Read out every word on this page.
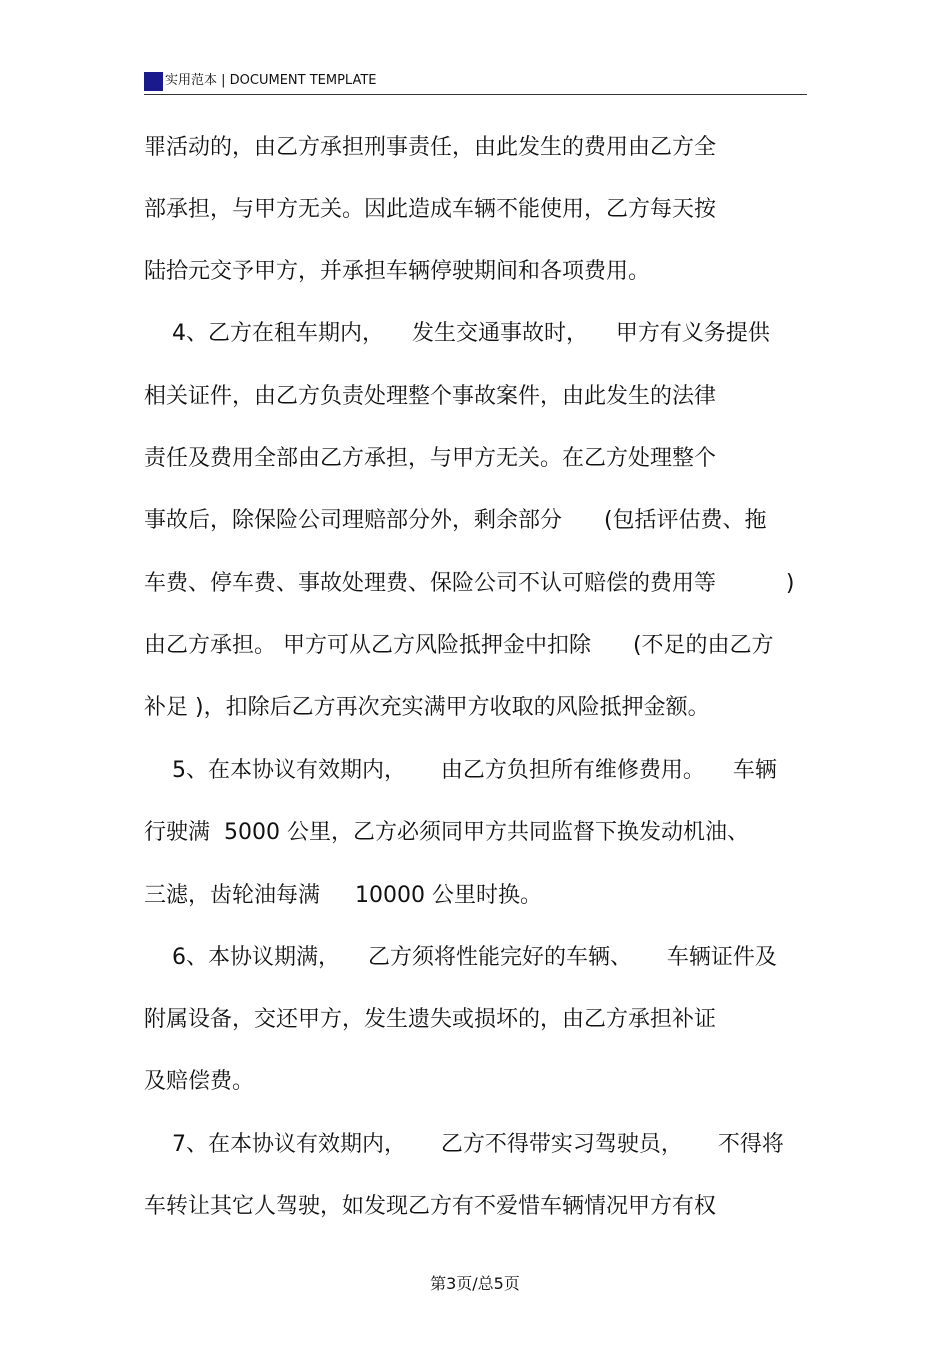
实用范本 | DOCUMENT TEMPLATE
罪活动的，由乙方承担刑事责任，由此发生的费用由乙方全
部承担，与甲方无关。因此造成车辆不能使用，乙方每天按
陆拾元交予甲方，并承担车辆停驶期间和各项费用。
4、乙方在租车期内，    发生交通事故时，    甲方有义务提供
相关证件，由乙方负责处理整个事故案件，由此发生的法律
责任及费用全部由乙方承担，与甲方无关。在乙方处理整个
事故后，除保险公司理赔部分外，剩余部分      (包括评估费、拖
车费、停车费、事故处理费、保险公司不认可赔偿的费用等          )
由乙方承担。 甲方可从乙方风险抵押金中扣除      (不足的由乙方
补足 )，扣除后乙方再次充实满甲方收取的风险抵押金额。
5、在本协议有效期内，     由乙方负担所有维修费用。    车辆
行驶满  5000 公里，乙方必须同甲方共同监督下换发动机油、
三滤，齿轮油每满     10000 公里时换。
6、本协议期满，    乙方须将性能完好的车辆、     车辆证件及
附属设备，交还甲方，发生遗失或损坏的，由乙方承担补证
及赔偿费。
7、在本协议有效期内，     乙方不得带实习驾驶员，     不得将
车转让其它人驾驶，如发现乙方有不爱惜车辆情况甲方有权
第3页/总5页
